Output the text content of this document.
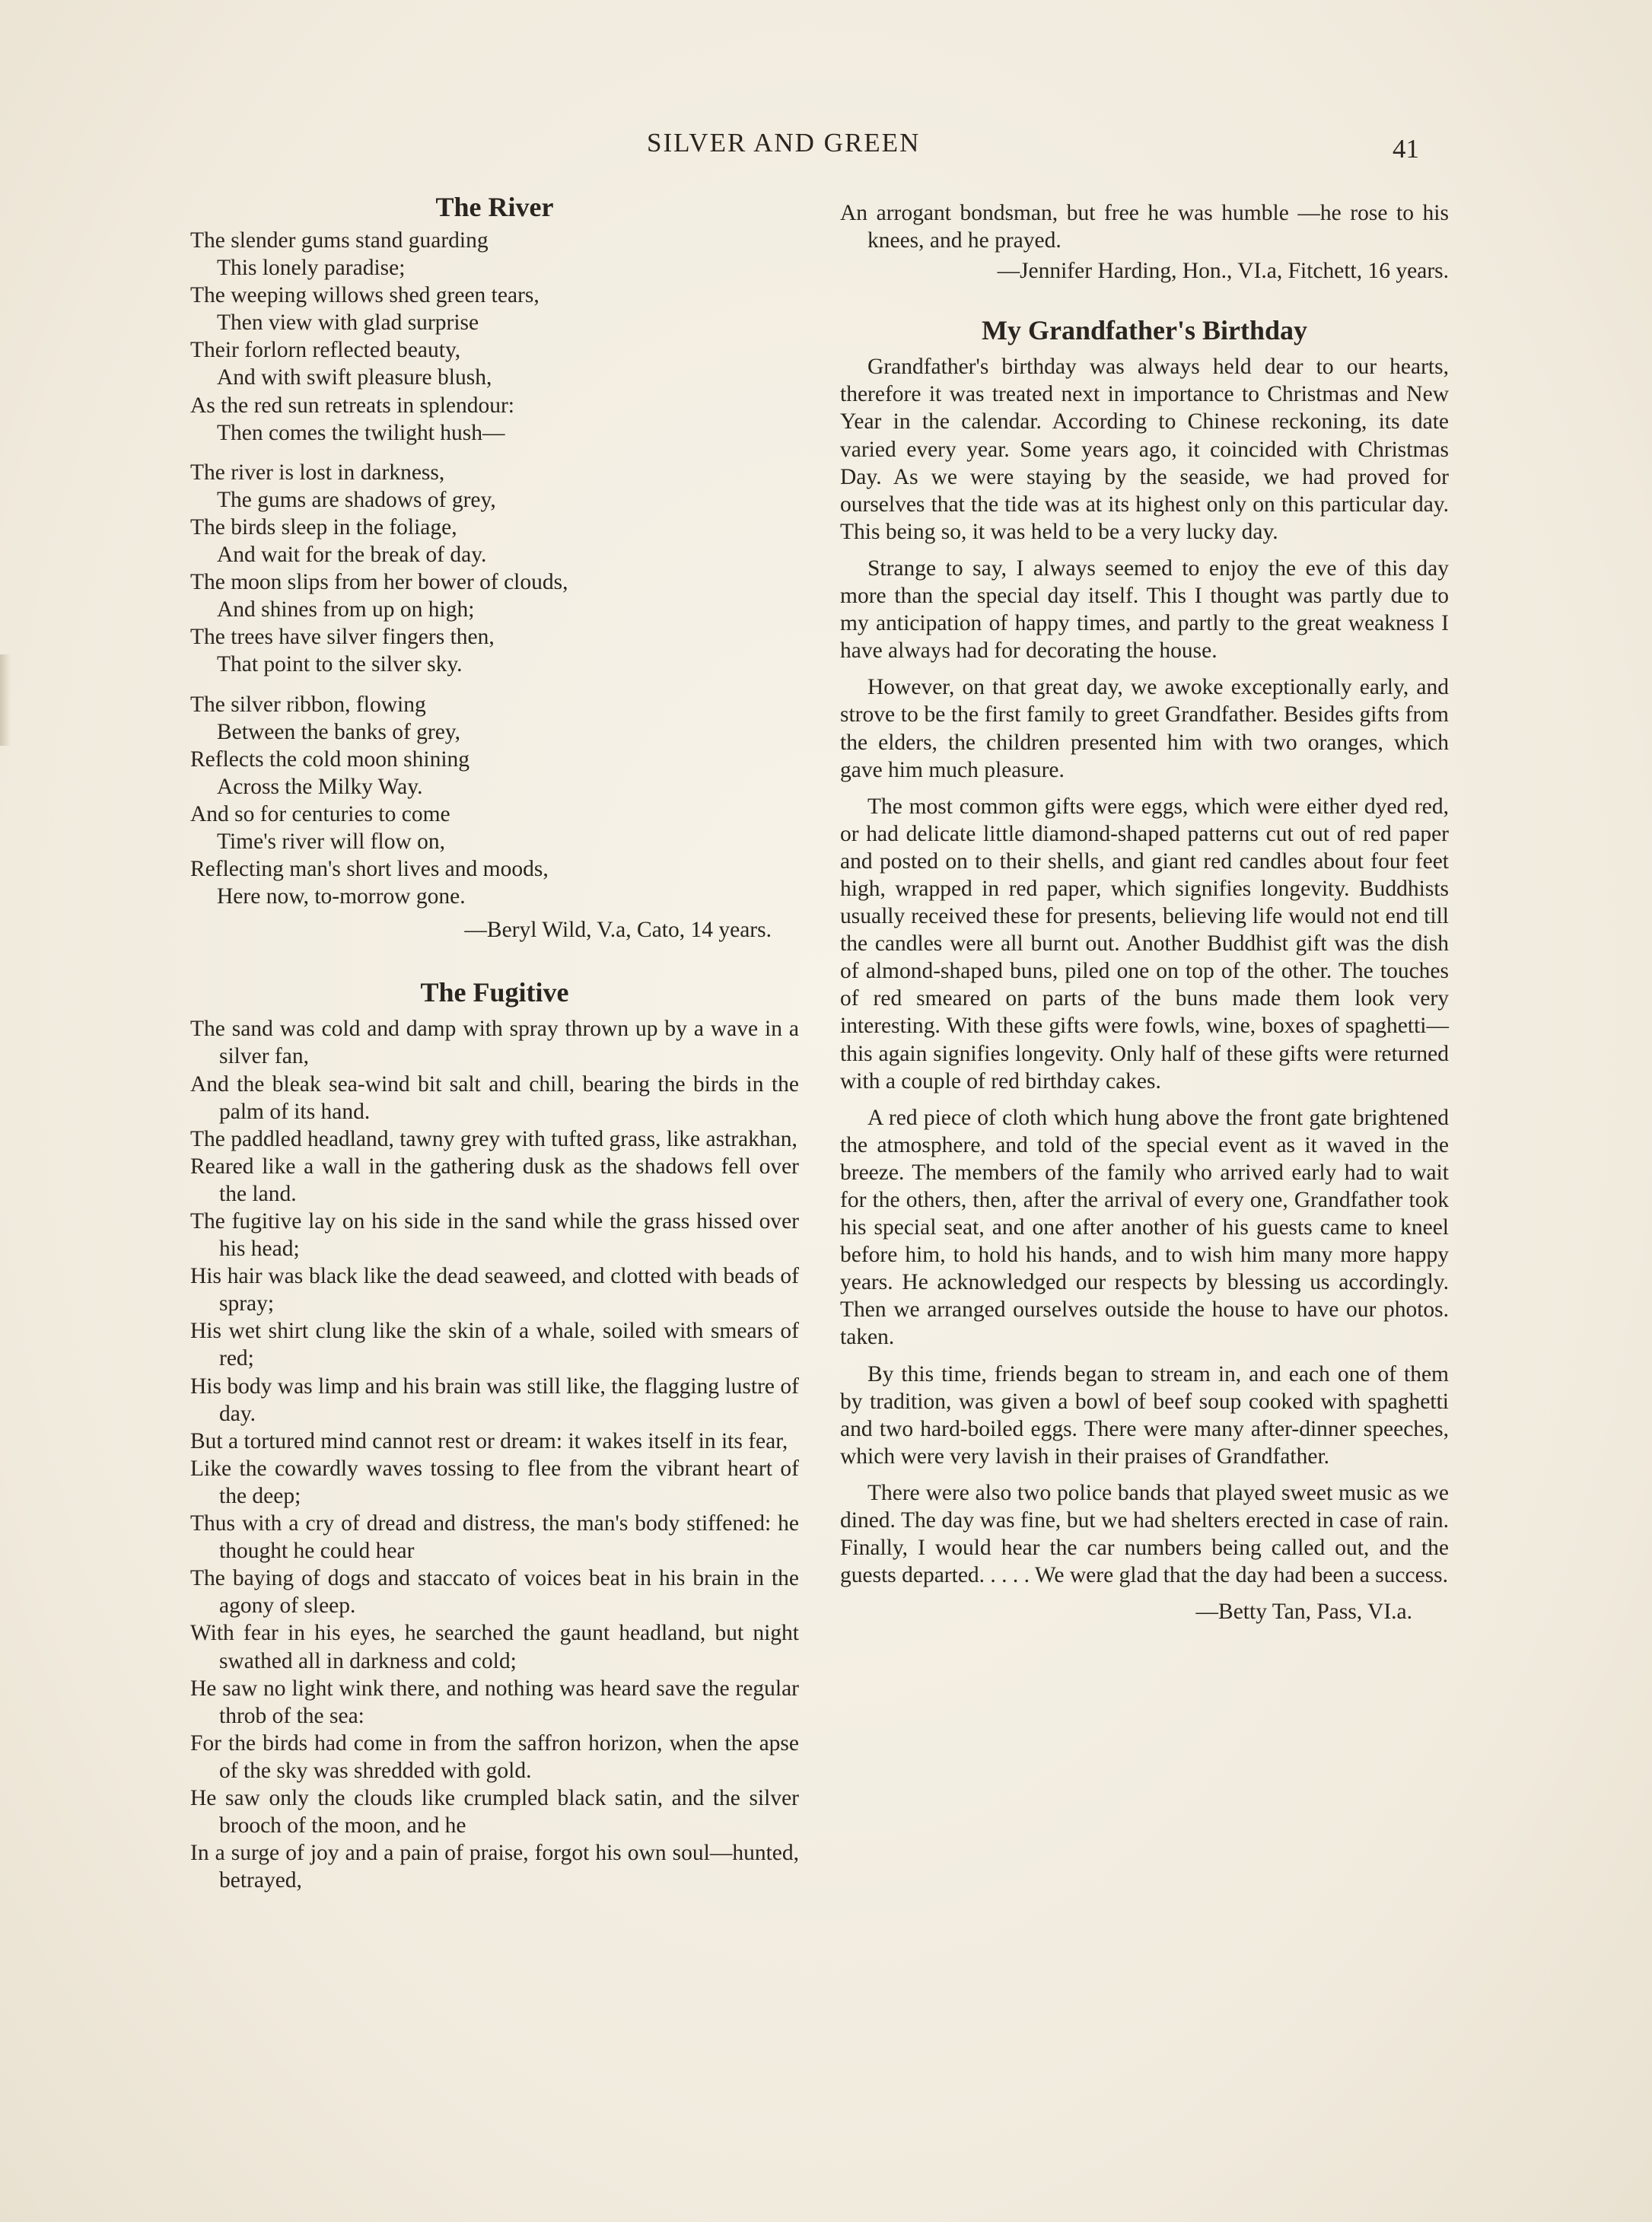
SILVER AND GREEN	41
The River
The slender gums stand guarding
This lonely paradise;
The weeping willows shed green tears,
Then view with glad surprise
Their forlorn reflected beauty,
And with swift pleasure blush,
As the red sun retreats in splendour:
Then comes the twilight hush—
The river is lost in darkness,
The gums are shadows of grey,
The birds sleep in the foliage,
And wait for the break of day.
The moon slips from her bower of clouds,
And shines from up on high;
The trees have silver fingers then,
That point to the silver sky.
The silver ribbon, flowing
Between the banks of grey,
Reflects the cold moon shining
Across the Milky Way.
And so for centuries to come
Time's river will flow on,
Reflecting man's short lives and moods,
Here now, to-morrow gone.
—Beryl Wild, V.a, Cato, 14 years.
The Fugitive

The sand was cold and damp with spray thrown up by a wave in a silver fan,

And the bleak sea-wind bit salt and chill, bearing the birds in the palm of its hand.

The paddled headland, tawny grey with tufted grass, like astrakhan,

Reared like a wall in the gathering dusk as the shadows fell over the land.

The fugitive lay on his side in the sand while the grass hissed over his head;

His hair was black like the dead seaweed, and clotted with beads of spray;

His wet shirt clung like the skin of a whale, soiled with smears of red;

His body was limp and his brain was still like, the flagging lustre of day.

But a tortured mind cannot rest or dream: it wakes itself in its fear,

Like the cowardly waves tossing to flee from the vibrant heart of the deep;

Thus with a cry of dread and distress, the man's body stiffened: he thought he could hear

The baying of dogs and staccato of voices beat in his brain in the agony of sleep.

With fear in his eyes, he searched the gaunt headland, but night swathed all in darkness and cold;

He saw no light wink there, and nothing was heard save the regular throb of the sea:

For the birds had come in from the saffron horizon, when the apse of the sky was shredded with gold.

He saw only the clouds like crumpled black satin, and the silver brooch of the moon, and he

In a surge of joy and a pain of praise, forgot his own soul—hunted, betrayed,

An arrogant bondsman, but free he was humble —he rose to his knees, and he prayed.

—Jennifer Harding, Hon., VI.a, Fitchett, 16 years.

My Grandfather's Birthday

Grandfather's birthday was always held dear to our hearts, therefore it was treated next in importance to Christmas and New Year in the calendar. According to Chinese reckoning, its date varied every year. Some years ago, it coincided with Christmas Day. As we were staying by the seaside, we had proved for ourselves that the tide was at its highest only on this particular day. This being so, it was held to be a very lucky day.

Strange to say, I always seemed to enjoy the eve of this day more than the special day itself. This I thought was partly due to my anticipation of happy times, and partly to the great weakness I have always had for decorating the house.

However, on that great day, we awoke exceptionally early, and strove to be the first family to greet Grandfather. Besides gifts from the elders, the children presented him with two oranges, which gave him much pleasure.

The most common gifts were eggs, which were either dyed red, or had delicate little diamond-shaped patterns cut out of red paper and posted on to their shells, and giant red candles about four feet high, wrapped in red paper, which signifies longevity. Buddhists usually received these for presents, believing life would not end till the candles were all burnt out. Another Buddhist gift was the dish of almond-shaped buns, piled one on top of the other. The touches of red smeared on parts of the buns made them look very interesting. With these gifts were fowls, wine, boxes of spaghetti—this again signifies longevity. Only half of these gifts were returned with a couple of red birthday cakes.

A red piece of cloth which hung above the front gate brightened the atmosphere, and told of the special event as it waved in the breeze. The members of the family who arrived early had to wait for the others, then, after the arrival of every one, Grandfather took his special seat, and one after another of his guests came to kneel before him, to hold his hands, and to wish him many more happy years. He acknowledged our respects by blessing us accordingly. Then we arranged ourselves outside the house to have our photos. taken.

By this time, friends began to stream in, and each one of them by tradition, was given a bowl of beef soup cooked with spaghetti and two hard-boiled eggs. There were many after-dinner speeches, which were very lavish in their praises of Grandfather.

There were also two police bands that played sweet music as we dined. The day was fine, but we had shelters erected in case of rain. Finally, I would hear the car numbers being called out, and the guests departed. . . . . We were glad that the day had been a success.

—Betty Tan, Pass, VI.a.
